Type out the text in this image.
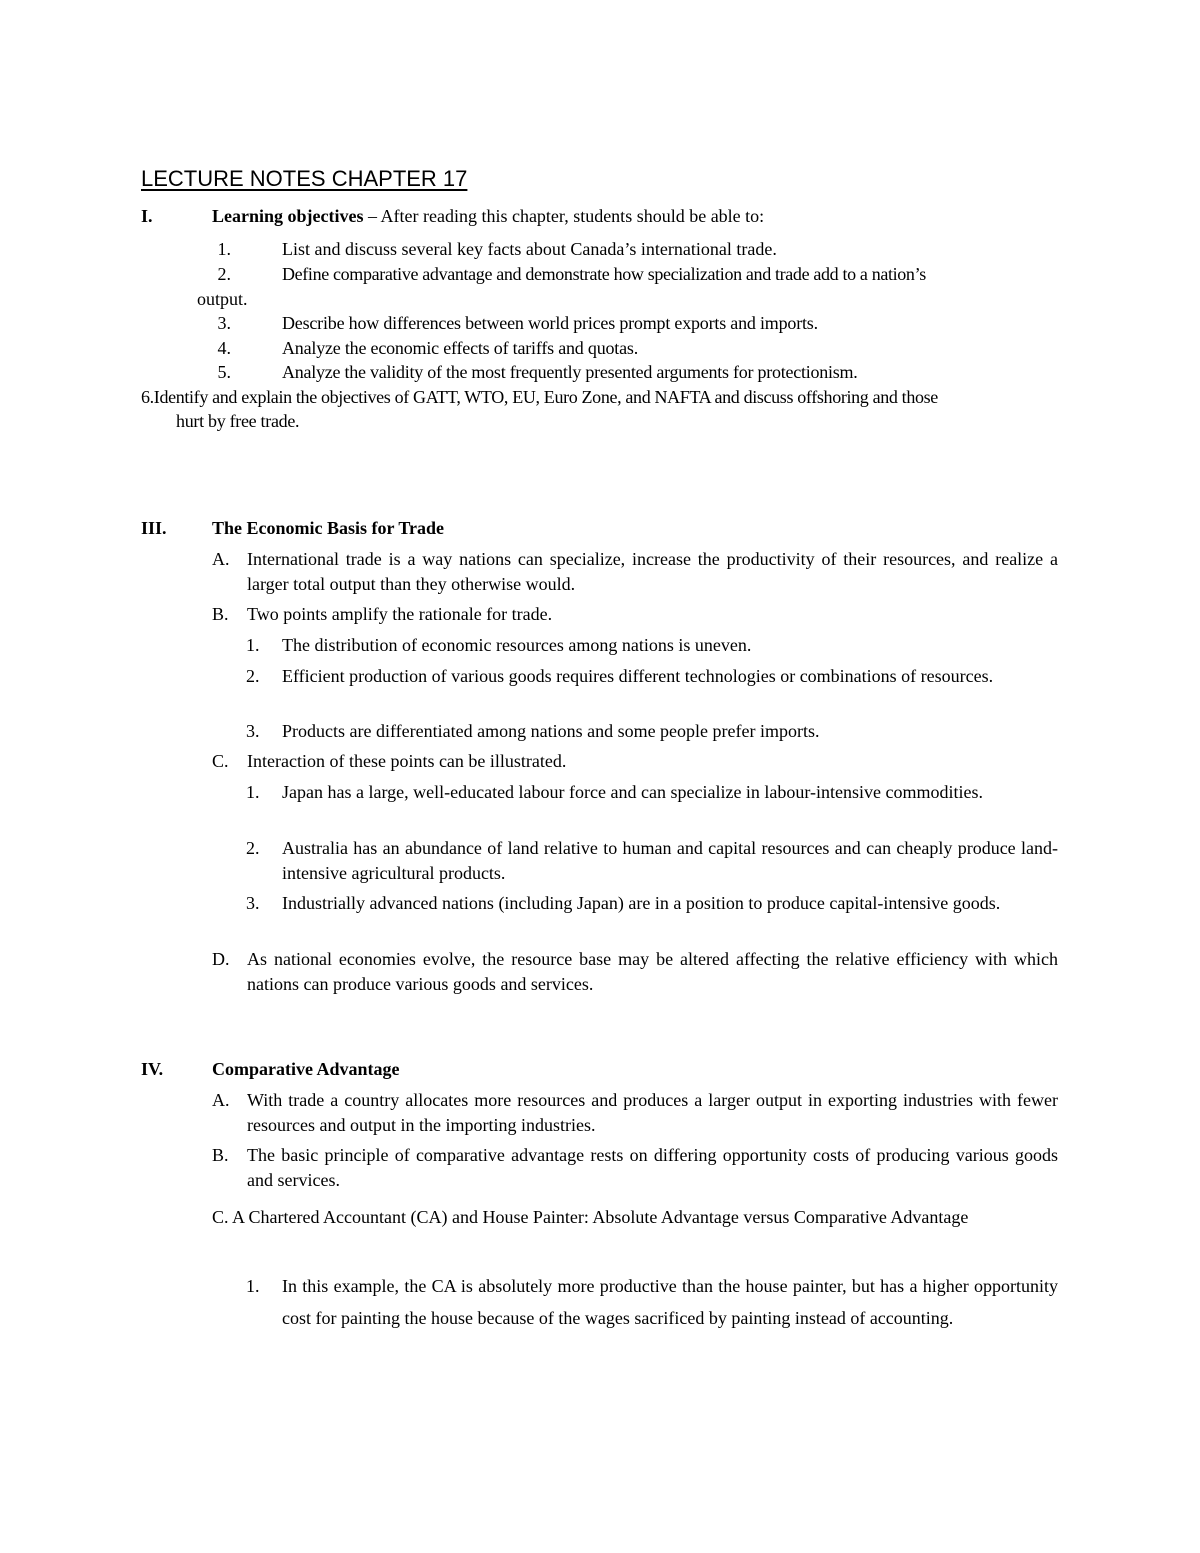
LECTURE NOTES CHAPTER 17
I.	Learning objectives – After reading this chapter, students should be able to:
1.	List and discuss several key facts about Canada’s international trade.
2.	Define comparative advantage and demonstrate how specialization and trade add to a nation’s
output.
3.	Describe how differences between world prices prompt exports and imports.
4.	Analyze the economic effects of tariffs and quotas.
5.	Analyze the validity of the most frequently presented arguments for protectionism.
6.Identify and explain the objectives of GATT, WTO, EU, Euro Zone, and NAFTA and discuss offshoring and those
hurt by free trade.
III.	The Economic Basis for Trade
A. International trade is a way nations can specialize, increase the productivity of their resources, and realize a larger total output than they otherwise would.
B. Two points amplify the rationale for trade.
1. The distribution of economic resources among nations is uneven.
2. Efficient production of various goods requires different technologies or combinations of resources.
3. Products are differentiated among nations and some people prefer imports.
C. Interaction of these points can be illustrated.
1. Japan has a large, well-educated labour force and can specialize in labour-intensive commodities.
2. Australia has an abundance of land relative to human and capital resources and can cheaply produce land-intensive agricultural products.
3. Industrially advanced nations (including Japan) are in a position to produce capital-intensive goods.
D. As national economies evolve, the resource base may be altered affecting the relative efficiency with which nations can produce various goods and services.
IV.	Comparative Advantage
A. With trade a country allocates more resources and produces a larger output in exporting industries with fewer resources and output in the importing industries.
B. The basic principle of comparative advantage rests on differing opportunity costs of producing various goods and services.
C. A Chartered Accountant (CA) and House Painter: Absolute Advantage versus Comparative Advantage
1. In this example, the CA is absolutely more productive than the house painter, but has a higher opportunity cost for painting the house because of the wages sacrificed by painting instead of accounting.
